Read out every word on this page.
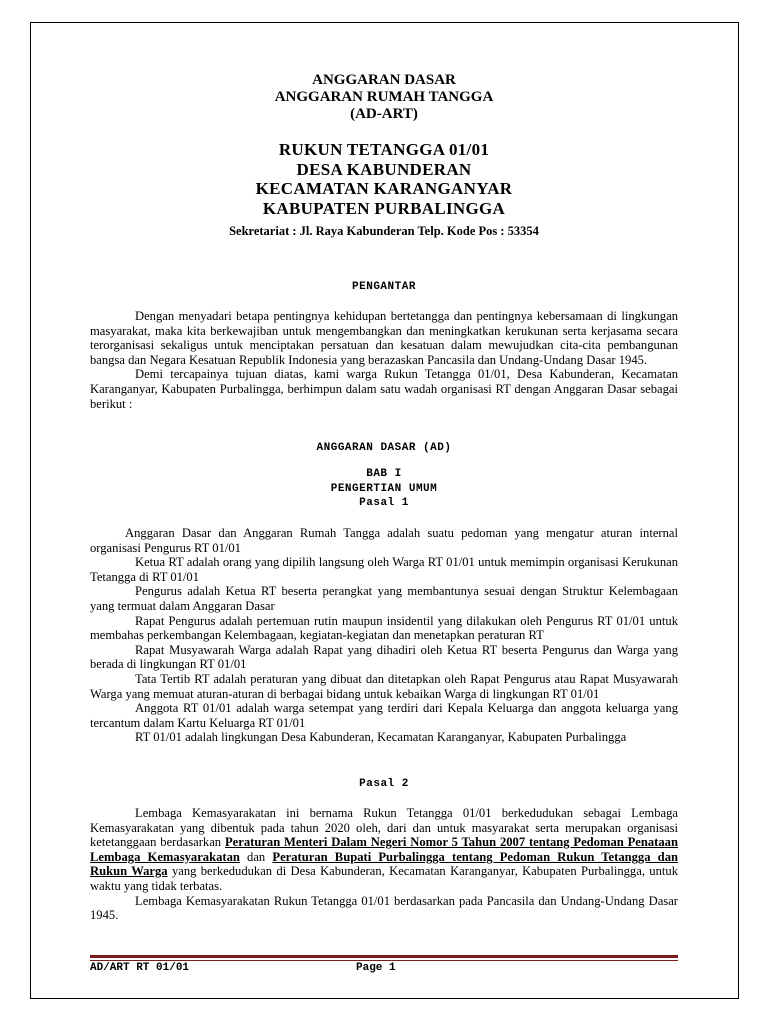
ANGGARAN DASAR
ANGGARAN RUMAH TANGGA
(AD-ART)
RUKUN TETANGGA 01/01
DESA KABUNDERAN
KECAMATAN KARANGANYAR
KABUPATEN PURBALINGGA
Sekretariat : Jl. Raya Kabunderan Telp. Kode Pos : 53354
PENGANTAR

Dengan menyadari betapa pentingnya kehidupan bertetangga dan pentingnya kebersamaan di lingkungan masyarakat, maka kita berkewajiban untuk mengembangkan dan meningkatkan kerukunan serta kerjasama secara terorganisasi sekaligus untuk menciptakan persatuan dan kesatuan dalam mewujudkan cita-cita pembangunan bangsa dan Negara Kesatuan Republik Indonesia yang berazaskan Pancasila dan Undang-Undang Dasar 1945.

Demi tercapainya tujuan diatas, kami warga Rukun Tetangga 01/01, Desa Kabunderan, Kecamatan Karanganyar, Kabupaten Purbalingga, berhimpun dalam satu wadah organisasi RT dengan Anggaran Dasar sebagai berikut :

ANGGARAN DASAR (AD)
BAB I
PENGERTIAN UMUM
Pasal 1

Anggaran Dasar dan Anggaran Rumah Tangga adalah suatu pedoman yang mengatur aturan internal organisasi Pengurus RT 01/01

Ketua RT adalah orang yang dipilih langsung oleh Warga RT 01/01 untuk memimpin organisasi Kerukunan Tetangga di RT 01/01

Pengurus adalah Ketua RT beserta perangkat yang membantunya sesuai dengan Struktur Kelembagaan yang termuat dalam Anggaran Dasar

Rapat Pengurus adalah pertemuan rutin maupun insidentil yang dilakukan oleh Pengurus RT 01/01 untuk membahas perkembangan Kelembagaan, kegiatan-kegiatan dan menetapkan peraturan RT

Rapat Musyawarah Warga adalah Rapat yang dihadiri oleh Ketua RT beserta Pengurus dan Warga yang berada di lingkungan RT 01/01

Tata Tertib RT adalah peraturan yang dibuat dan ditetapkan oleh Rapat Pengurus atau Rapat Musyawarah Warga yang memuat aturan-aturan di berbagai bidang untuk kebaikan Warga di lingkungan RT 01/01

Anggota RT 01/01 adalah warga setempat yang terdiri dari Kepala Keluarga dan anggota keluarga yang tercantum dalam Kartu Keluarga RT 01/01

RT 01/01 adalah lingkungan Desa Kabunderan, Kecamatan Karanganyar, Kabupaten Purbalingga

Pasal 2

Lembaga Kemasyarakatan ini bernama Rukun Tetangga 01/01 berkedudukan sebagai Lembaga Kemasyarakatan yang dibentuk pada tahun 2020 oleh, dari dan untuk masyarakat serta merupakan organisasi ketetanggaan berdasarkan Peraturan Menteri Dalam Negeri Nomor 5 Tahun 2007 tentang Pedoman Penataan Lembaga Kemasyarakatan dan Peraturan Bupati Purbalingga tentang Pedoman Rukun Tetangga dan Rukun Warga yang berkedudukan di Desa Kabunderan, Kecamatan Karanganyar, Kabupaten Purbalingga, untuk waktu yang tidak terbatas.

Lembaga Kemasyarakatan Rukun Tetangga 01/01 berdasarkan pada Pancasila dan Undang-Undang Dasar 1945.

AD/ART RT 01/01	Page 1
